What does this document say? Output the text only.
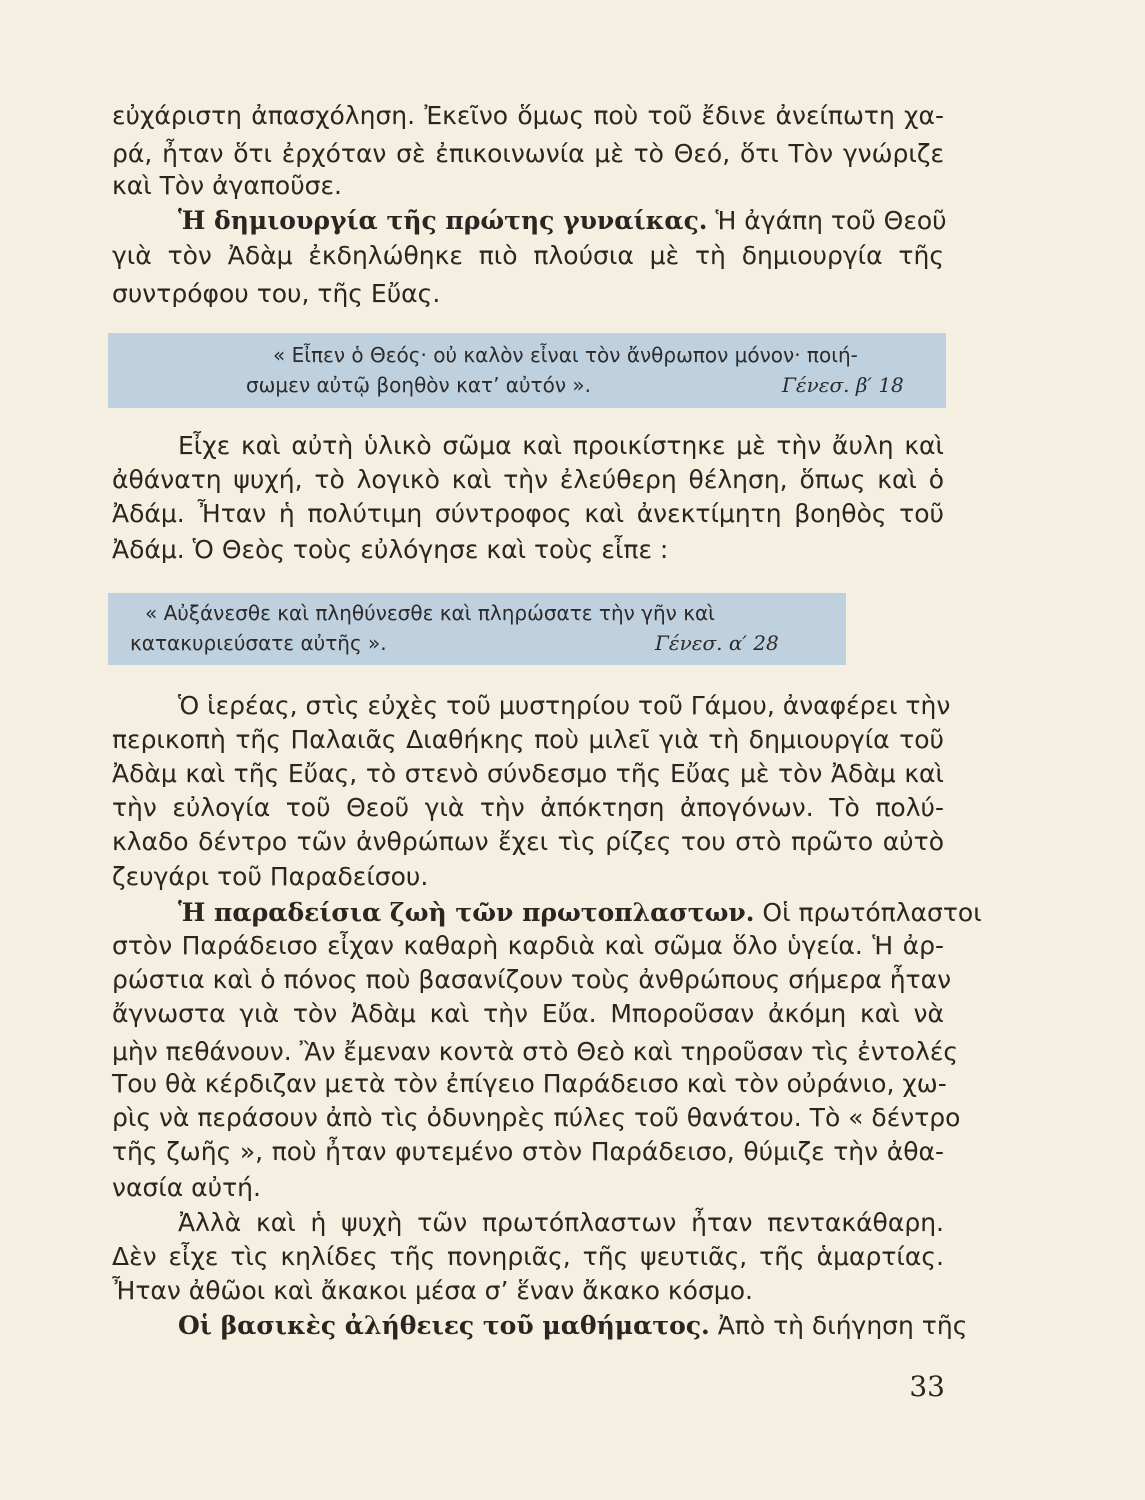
εὐχάριστη ἀπασχόληση. Ἐκεῖνο ὅμως ποὺ τοῦ ἔδινε ἀνείπωτη χα-
ρά, ἦταν ὅτι ἐρχόταν σὲ ἐπικοινωνία μὲ τὸ Θεό, ὅτι Τὸν γνώριζε
καὶ Τὸν ἀγαποῦσε.
Ἡ δημιουργία τῆς πρώτης γυναίκας. Ἡ ἀγάπη τοῦ Θεοῦ
γιὰ τὸν Ἀδὰμ ἐκδηλώθηκε πιὸ πλούσια μὲ τὴ δημιουργία τῆς
συντρόφου του, τῆς Εὔας.
« Εἶπεν ὁ Θεός· οὐ καλὸν εἶναι τὸν ἄνθρωπον μόνον· ποιή-
σωμεν αὐτῷ βοηθὸν κατ’ αὐτόν ».	Γένεσ. β′ 18
Εἶχε καὶ αὐτὴ ὑλικὸ σῶμα καὶ προικίστηκε μὲ τὴν ἄυλη καὶ
ἀθάνατη ψυχή, τὸ λογικὸ καὶ τὴν ἐλεύθερη θέληση, ὅπως καὶ ὁ
Ἀδάμ. Ἦταν ἡ πολύτιμη σύντροφος καὶ ἀνεκτίμητη βοηθὸς τοῦ
Ἀδάμ. Ὁ Θεὸς τοὺς εὐλόγησε καὶ τοὺς εἶπε :
« Αὐξάνεσθε καὶ πληθύνεσθε καὶ πληρώσατε τὴν γῆν καὶ
κατακυριεύσατε αὐτῆς ».	Γένεσ. α′ 28
Ὁ ἱερέας, στὶς εὐχὲς τοῦ μυστηρίου τοῦ Γάμου, ἀναφέρει τὴν
περικοπὴ τῆς Παλαιᾶς Διαθήκης ποὺ μιλεῖ γιὰ τὴ δημιουργία τοῦ
Ἀδὰμ καὶ τῆς Εὔας, τὸ στενὸ σύνδεσμο τῆς Εὔας μὲ τὸν Ἀδὰμ καὶ
τὴν εὐλογία τοῦ Θεοῦ γιὰ τὴν ἀπόκτηση ἀπογόνων. Τὸ πολύ-
κλαδο δέντρο τῶν ἀνθρώπων ἔχει τὶς ρίζες του στὸ πρῶτο αὐτὸ
ζευγάρι τοῦ Παραδείσου.
Ἡ παραδείσια ζωὴ τῶν πρωτοπλαστων. Οἱ πρωτόπλαστοι
στὸν Παράδεισο εἶχαν καθαρὴ καρδιὰ καὶ σῶμα ὅλο ὑγεία. Ἡ ἀρ-
ρώστια καὶ ὁ πόνος ποὺ βασανίζουν τοὺς ἀνθρώπους σήμερα ἦταν
ἄγνωστα γιὰ τὸν Ἀδὰμ καὶ τὴν Εὔα. Μποροῦσαν ἀκόμη καὶ νὰ
μὴν πεθάνουν. Ἂν ἔμεναν κοντὰ στὸ Θεὸ καὶ τηροῦσαν τὶς ἐντολές
Του θὰ κέρδιζαν μετὰ τὸν ἐπίγειο Παράδεισο καὶ τὸν οὐράνιο, χω-
ρὶς νὰ περάσουν ἀπὸ τὶς ὀδυνηρὲς πύλες τοῦ θανάτου. Τὸ « δέντρο
τῆς ζωῆς », ποὺ ἦταν φυτεμένο στὸν Παράδεισο, θύμιζε τὴν ἀθα-
νασία αὐτή.
Ἀλλὰ καὶ ἡ ψυχὴ τῶν πρωτόπλαστων ἦταν πεντακάθαρη.
Δὲν εἶχε τὶς κηλίδες τῆς πονηριᾶς, τῆς ψευτιᾶς, τῆς ἁμαρτίας.
Ἦταν ἀθῶοι καὶ ἄκακοι μέσα σ’ ἕναν ἄκακο κόσμο.
Οἱ βασικὲς ἀλήθειες τοῦ μαθήματος. Ἀπὸ τὴ διήγηση τῆς
33
